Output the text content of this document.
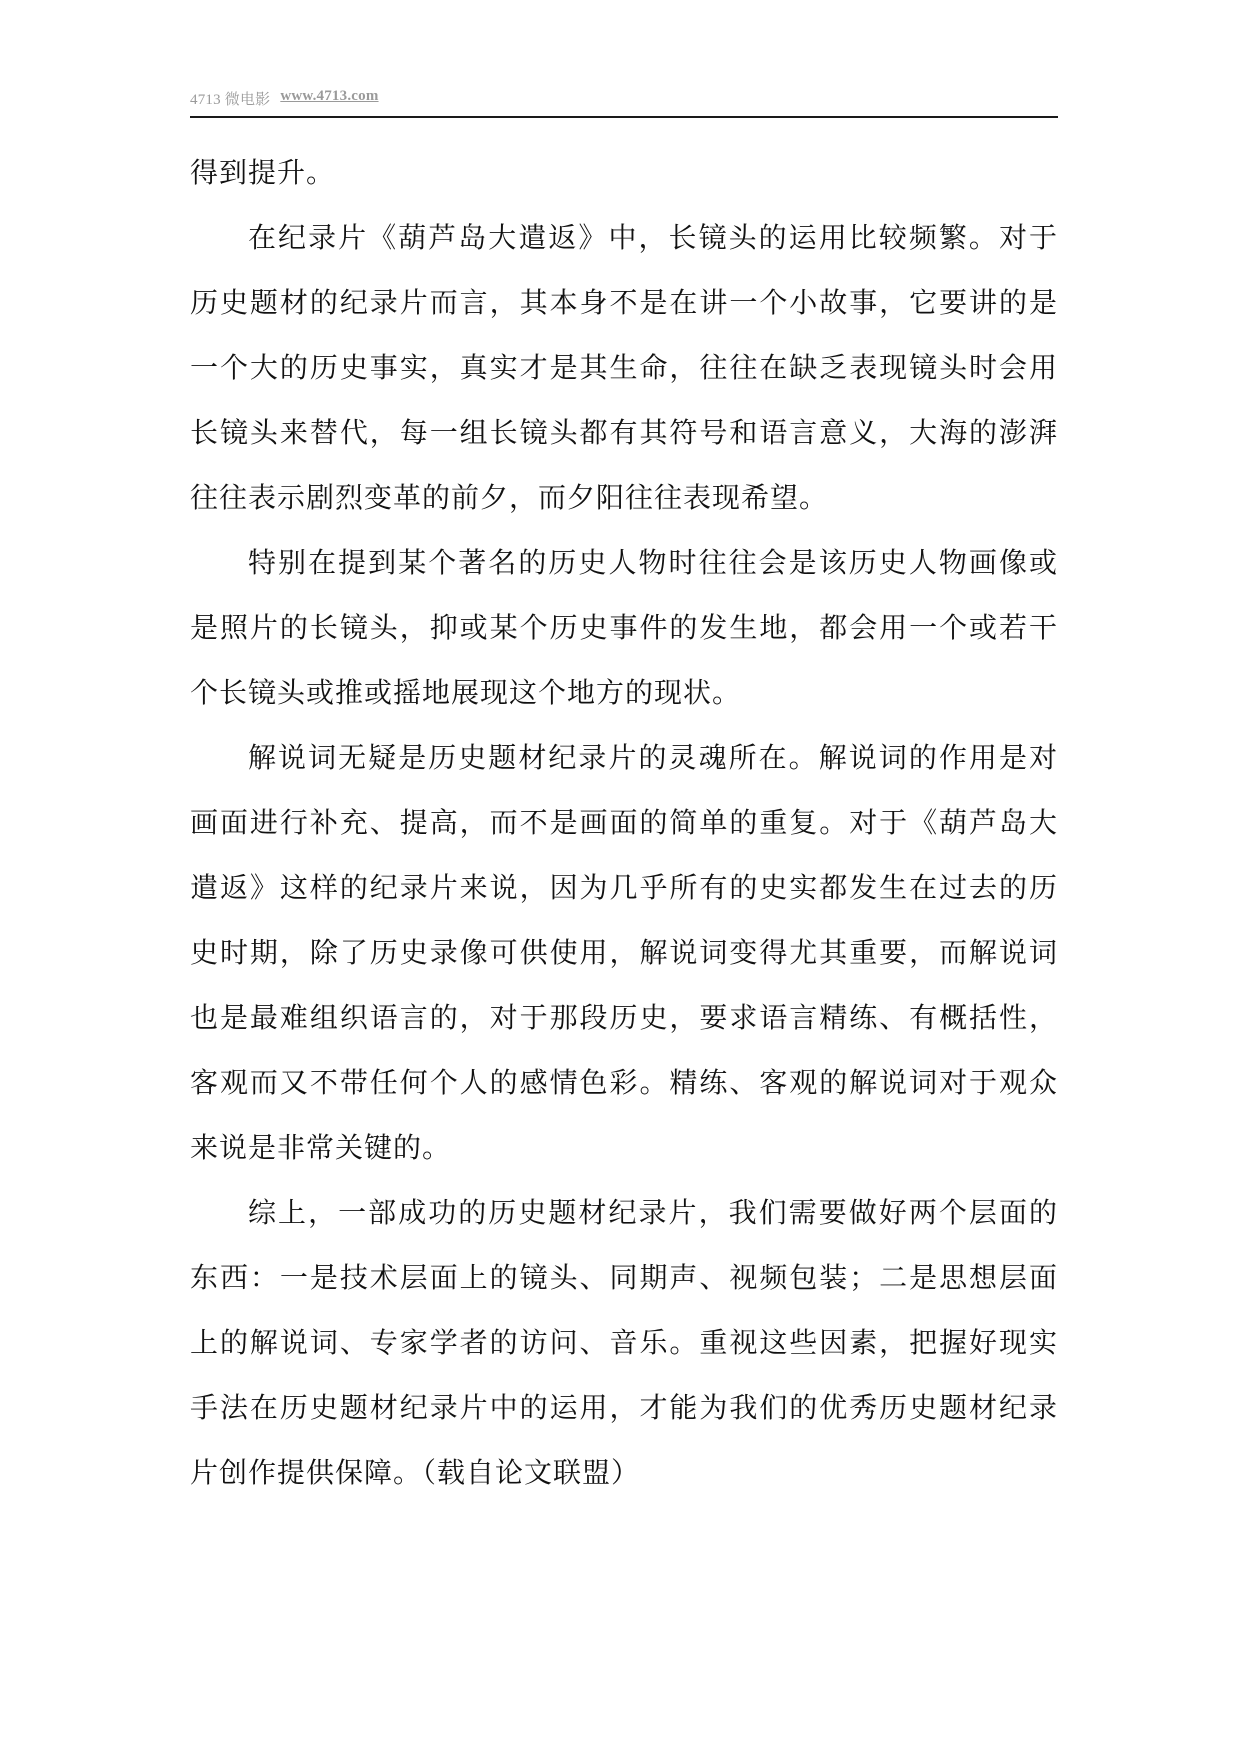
4713 微电影 www.4713.com

得到提升。

在纪录片《葫芦岛大遣返》中，长镜头的运用比较频繁。对于历史题材的纪录片而言，其本身不是在讲一个小故事，它要讲的是一个大的历史事实，真实才是其生命，往往在缺乏表现镜头时会用长镜头来替代，每一组长镜头都有其符号和语言意义，大海的澎湃往往表示剧烈变革的前夕，而夕阳往往表现希望。

特别在提到某个著名的历史人物时往往会是该历史人物画像或是照片的长镜头，抑或某个历史事件的发生地，都会用一个或若干个长镜头或推或摇地展现这个地方的现状。

解说词无疑是历史题材纪录片的灵魂所在。解说词的作用是对画面进行补充、提高，而不是画面的简单的重复。对于《葫芦岛大遣返》这样的纪录片来说，因为几乎所有的史实都发生在过去的历史时期，除了历史录像可供使用，解说词变得尤其重要，而解说词也是最难组织语言的，对于那段历史，要求语言精练、有概括性，客观而又不带任何个人的感情色彩。精练、客观的解说词对于观众来说是非常关键的。

综上，一部成功的历史题材纪录片，我们需要做好两个层面的东西：一是技术层面上的镜头、同期声、视频包装；二是思想层面上的解说词、专家学者的访问、音乐。重视这些因素，把握好现实手法在历史题材纪录片中的运用，才能为我们的优秀历史题材纪录片创作提供保障。（载自论文联盟）
